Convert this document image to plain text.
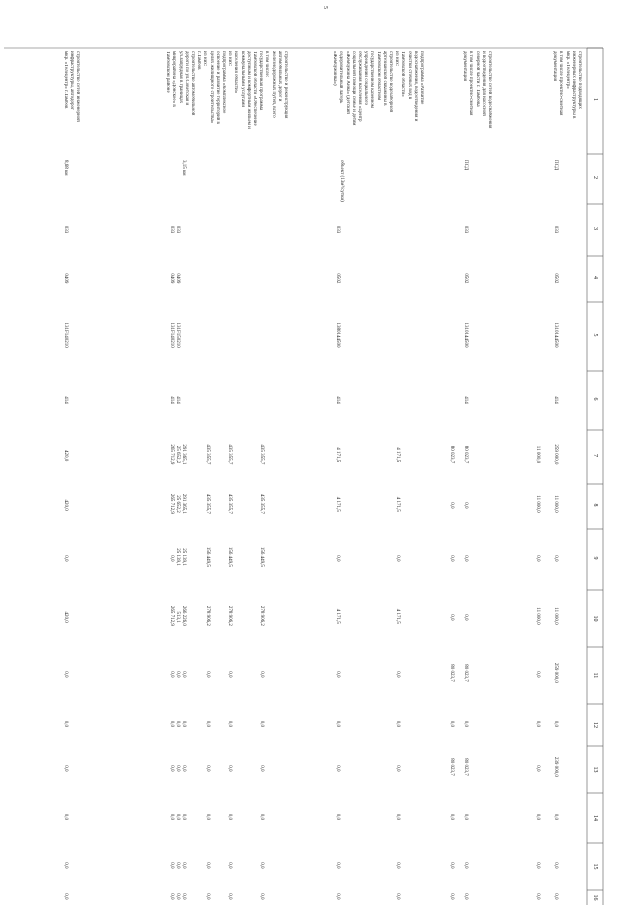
5
1
2
3
4
5
6
7
8
9
10
11
12
13
14
15
16
строительство подводящих
инженерных инфраструктуры в
мкр. «Телецентр»
в том числе проектно-сметная
документация
ПСД
033
0502
1310144500
414
259 000,0
11 000,0
0,0
11 000,0
259 000,0
0,0
239 000,0
0,0
0,0
0,0
11 000,0
11 000,0
0,0
11 000,0
0,0
0,0
0,0
0,0
0,0
0,0
строительство сетей водоснабжения
и водоотведения для насосной
северной части г. Тамбова
в том числе проектно-сметная
документация
ПСД
033
0502
1310144500
414
80 023,7
0,0
0,0
0,0
80 023,7
0,0
80 023,7
0,0
0,0
0,0
80 023,7
0,0
0,0
0,0
80 023,7
0,0
80 023,7
0,0
0,0
0,0
подпрограмма «Развитие
водоснабжения, водоотведения и
очистки сточных вод в
Тамбовской области»
из них:
строительство водозаборной
артезианской скважины в
Тамбовском областном
государственном казенном
учреждении социального
обслуживания населения «Центр
социальной помощи семье и детям
«Жемчужина Анна» (детский
оздоровительный лагерь
«Жемчужинка»)
объект (13м³/сутки)
033
0502
1380144500
414
4 171,5
4 171,5
0,0
4 171,5
0,0
0,0
0,0
0,0
0,0
0,0
4 171,5
4 171,5
0,0
4 171,5
0,0
0,0
0,0
0,0
0,0
0,0
строительство и реконструкция
автомобильных дорог и
железнодорожных путей, всего
в том числе:
государственная программа
Тамбовской области «Обеспечение
доступным и комфортным жильем и
коммунальными услугами
населения области»
из них:
подпрограмма «Комплексное
освоение и развитие территорий в
целях жилищного строительства»
из них:
г.Тамбов
строительство автомобильной
дороги по ул.Советская и
ул.Запрудная в границах
микрорайона «Донское» в
Тамбовском районе
3,15 км
033
033
0409
0409
131F150210
131F140210
414
414
435 355,7
435 355,7
156 449,5
278 906,2
0,0
0,0
0,0
0,0
0,0
0,0
435 355,7
435 355,7
156 449,5
278 906,2
0,0
0,0
0,0
0,0
0,0
0,0
435 355,7
435 355,7
156 449,5
278 906,2
0,0
0,0
0,0
0,0
0,0
0,0
291 365,1
25 652,2
265 712,9
291 365,1
25 652,2
265 712,9
25 139,1
25 139,1
0,0
266 226,0
513,1
265 712,9
0,0
0,0
0,0
0,0
0,0
0,0
0,0
0,0
0,0
0,0
0,0
0,0
0,0
0,0
0,0
0,0
0,0
0,0
строительство сетей инженерной
инфраструктуры, автодорог
мкр. «Телецентр» г.Тамбов
8,68 км
033
0409
131F140210
414
420,0
420,0
0,0
420,0
0,0
0,0
0,0
0,0
0,0
0,0
